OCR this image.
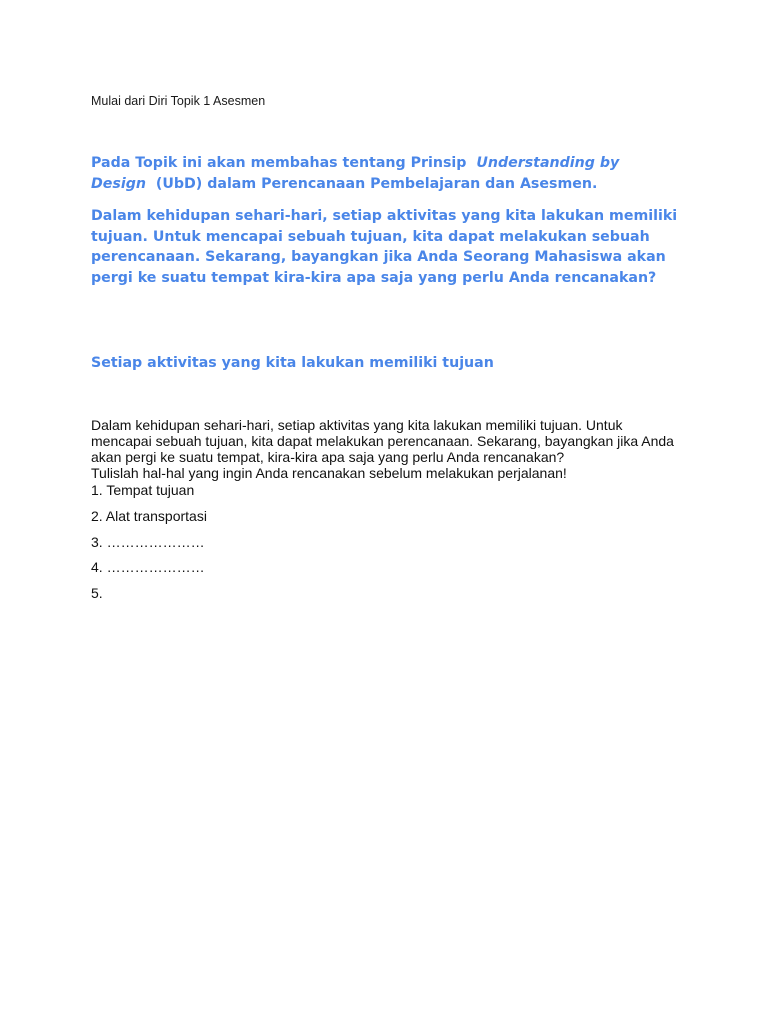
Mulai dari Diri Topik 1 Asesmen
Pada Topik ini akan membahas tentang Prinsip Understanding by Design (UbD) dalam Perencanaan Pembelajaran dan Asesmen.
Dalam kehidupan sehari-hari, setiap aktivitas yang kita lakukan memiliki tujuan. Untuk mencapai sebuah tujuan, kita dapat melakukan sebuah perencanaan. Sekarang, bayangkan jika Anda Seorang Mahasiswa akan pergi ke suatu tempat kira-kira apa saja yang perlu Anda rencanakan?
Setiap aktivitas yang kita lakukan memiliki tujuan
Dalam kehidupan sehari-hari, setiap aktivitas yang kita lakukan memiliki tujuan. Untuk
mencapai sebuah tujuan, kita dapat melakukan perencanaan. Sekarang, bayangkan jika Anda
akan pergi ke suatu tempat, kira-kira apa saja yang perlu Anda rencanakan?
Tulislah hal-hal yang ingin Anda rencanakan sebelum melakukan perjalanan!
1. Tempat tujuan
2. Alat transportasi
3. …………………
4. …………………
5.
